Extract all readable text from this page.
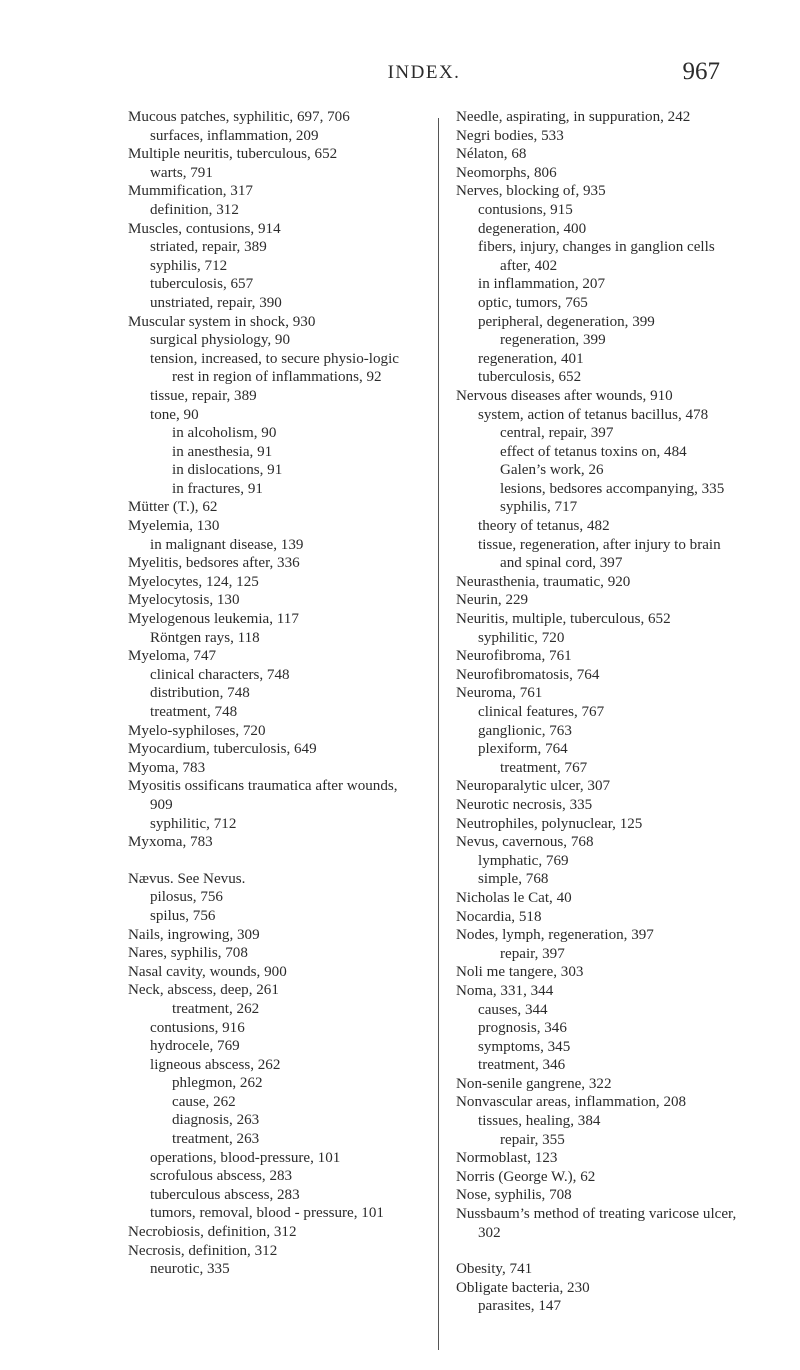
INDEX.	967
Mucous patches, syphilitic, 697, 706
surfaces, inflammation, 209
Multiple neuritis, tuberculous, 652
warts, 791
Mummification, 317
definition, 312
Muscles, contusions, 914
striated, repair, 389
syphilis, 712
tuberculosis, 657
unstriated, repair, 390
Muscular system in shock, 930
surgical physiology, 90
tension, increased, to secure physio-logic rest in region of inflammations, 92
tissue, repair, 389
tone, 90
in alcoholism, 90
in anesthesia, 91
in dislocations, 91
in fractures, 91
Mütter (T.), 62
Myelemia, 130
in malignant disease, 139
Myelitis, bedsores after, 336
Myelocytes, 124, 125
Myelocytosis, 130
Myelogenous leukemia, 117
Röntgen rays, 118
Myeloma, 747
clinical characters, 748
distribution, 748
treatment, 748
Myelo-syphiloses, 720
Myocardium, tuberculosis, 649
Myoma, 783
Myositis ossificans traumatica after wounds, 909
syphilitic, 712
Myxoma, 783
Nævus. See Nevus.
pilosus, 756
spilus, 756
Nails, ingrowing, 309
Nares, syphilis, 708
Nasal cavity, wounds, 900
Neck, abscess, deep, 261
treatment, 262
contusions, 916
hydrocele, 769
ligneous abscess, 262
phlegmon, 262
cause, 262
diagnosis, 263
treatment, 263
operations, blood-pressure, 101
scrofulous abscess, 283
tuberculous abscess, 283
tumors, removal, blood - pressure, 101
Necrobiosis, definition, 312
Necrosis, definition, 312
neurotic, 335
Needle, aspirating, in suppuration, 242
Negri bodies, 533
Nélaton, 68
Neomorphs, 806
Nerves, blocking of, 935
contusions, 915
degeneration, 400
fibers, injury, changes in ganglion cells after, 402
in inflammation, 207
optic, tumors, 765
peripheral, degeneration, 399
regeneration, 399
regeneration, 401
tuberculosis, 652
Nervous diseases after wounds, 910
system, action of tetanus bacillus, 478
central, repair, 397
effect of tetanus toxins on, 484
Galen’s work, 26
lesions, bedsores accompanying, 335
syphilis, 717
theory of tetanus, 482
tissue, regeneration, after injury to brain and spinal cord, 397
Neurasthenia, traumatic, 920
Neurin, 229
Neuritis, multiple, tuberculous, 652
syphilitic, 720
Neurofibroma, 761
Neurofibromatosis, 764
Neuroma, 761
clinical features, 767
ganglionic, 763
plexiform, 764
treatment, 767
Neuroparalytic ulcer, 307
Neurotic necrosis, 335
Neutrophiles, polynuclear, 125
Nevus, cavernous, 768
lymphatic, 769
simple, 768
Nicholas le Cat, 40
Nocardia, 518
Nodes, lymph, regeneration, 397
repair, 397
Noli me tangere, 303
Noma, 331, 344
causes, 344
prognosis, 346
symptoms, 345
treatment, 346
Non-senile gangrene, 322
Nonvascular areas, inflammation, 208
tissues, healing, 384
repair, 355
Normoblast, 123
Norris (George W.), 62
Nose, syphilis, 708
Nussbaum’s method of treating varicose ulcer, 302
Obesity, 741
Obligate bacteria, 230
parasites, 147
